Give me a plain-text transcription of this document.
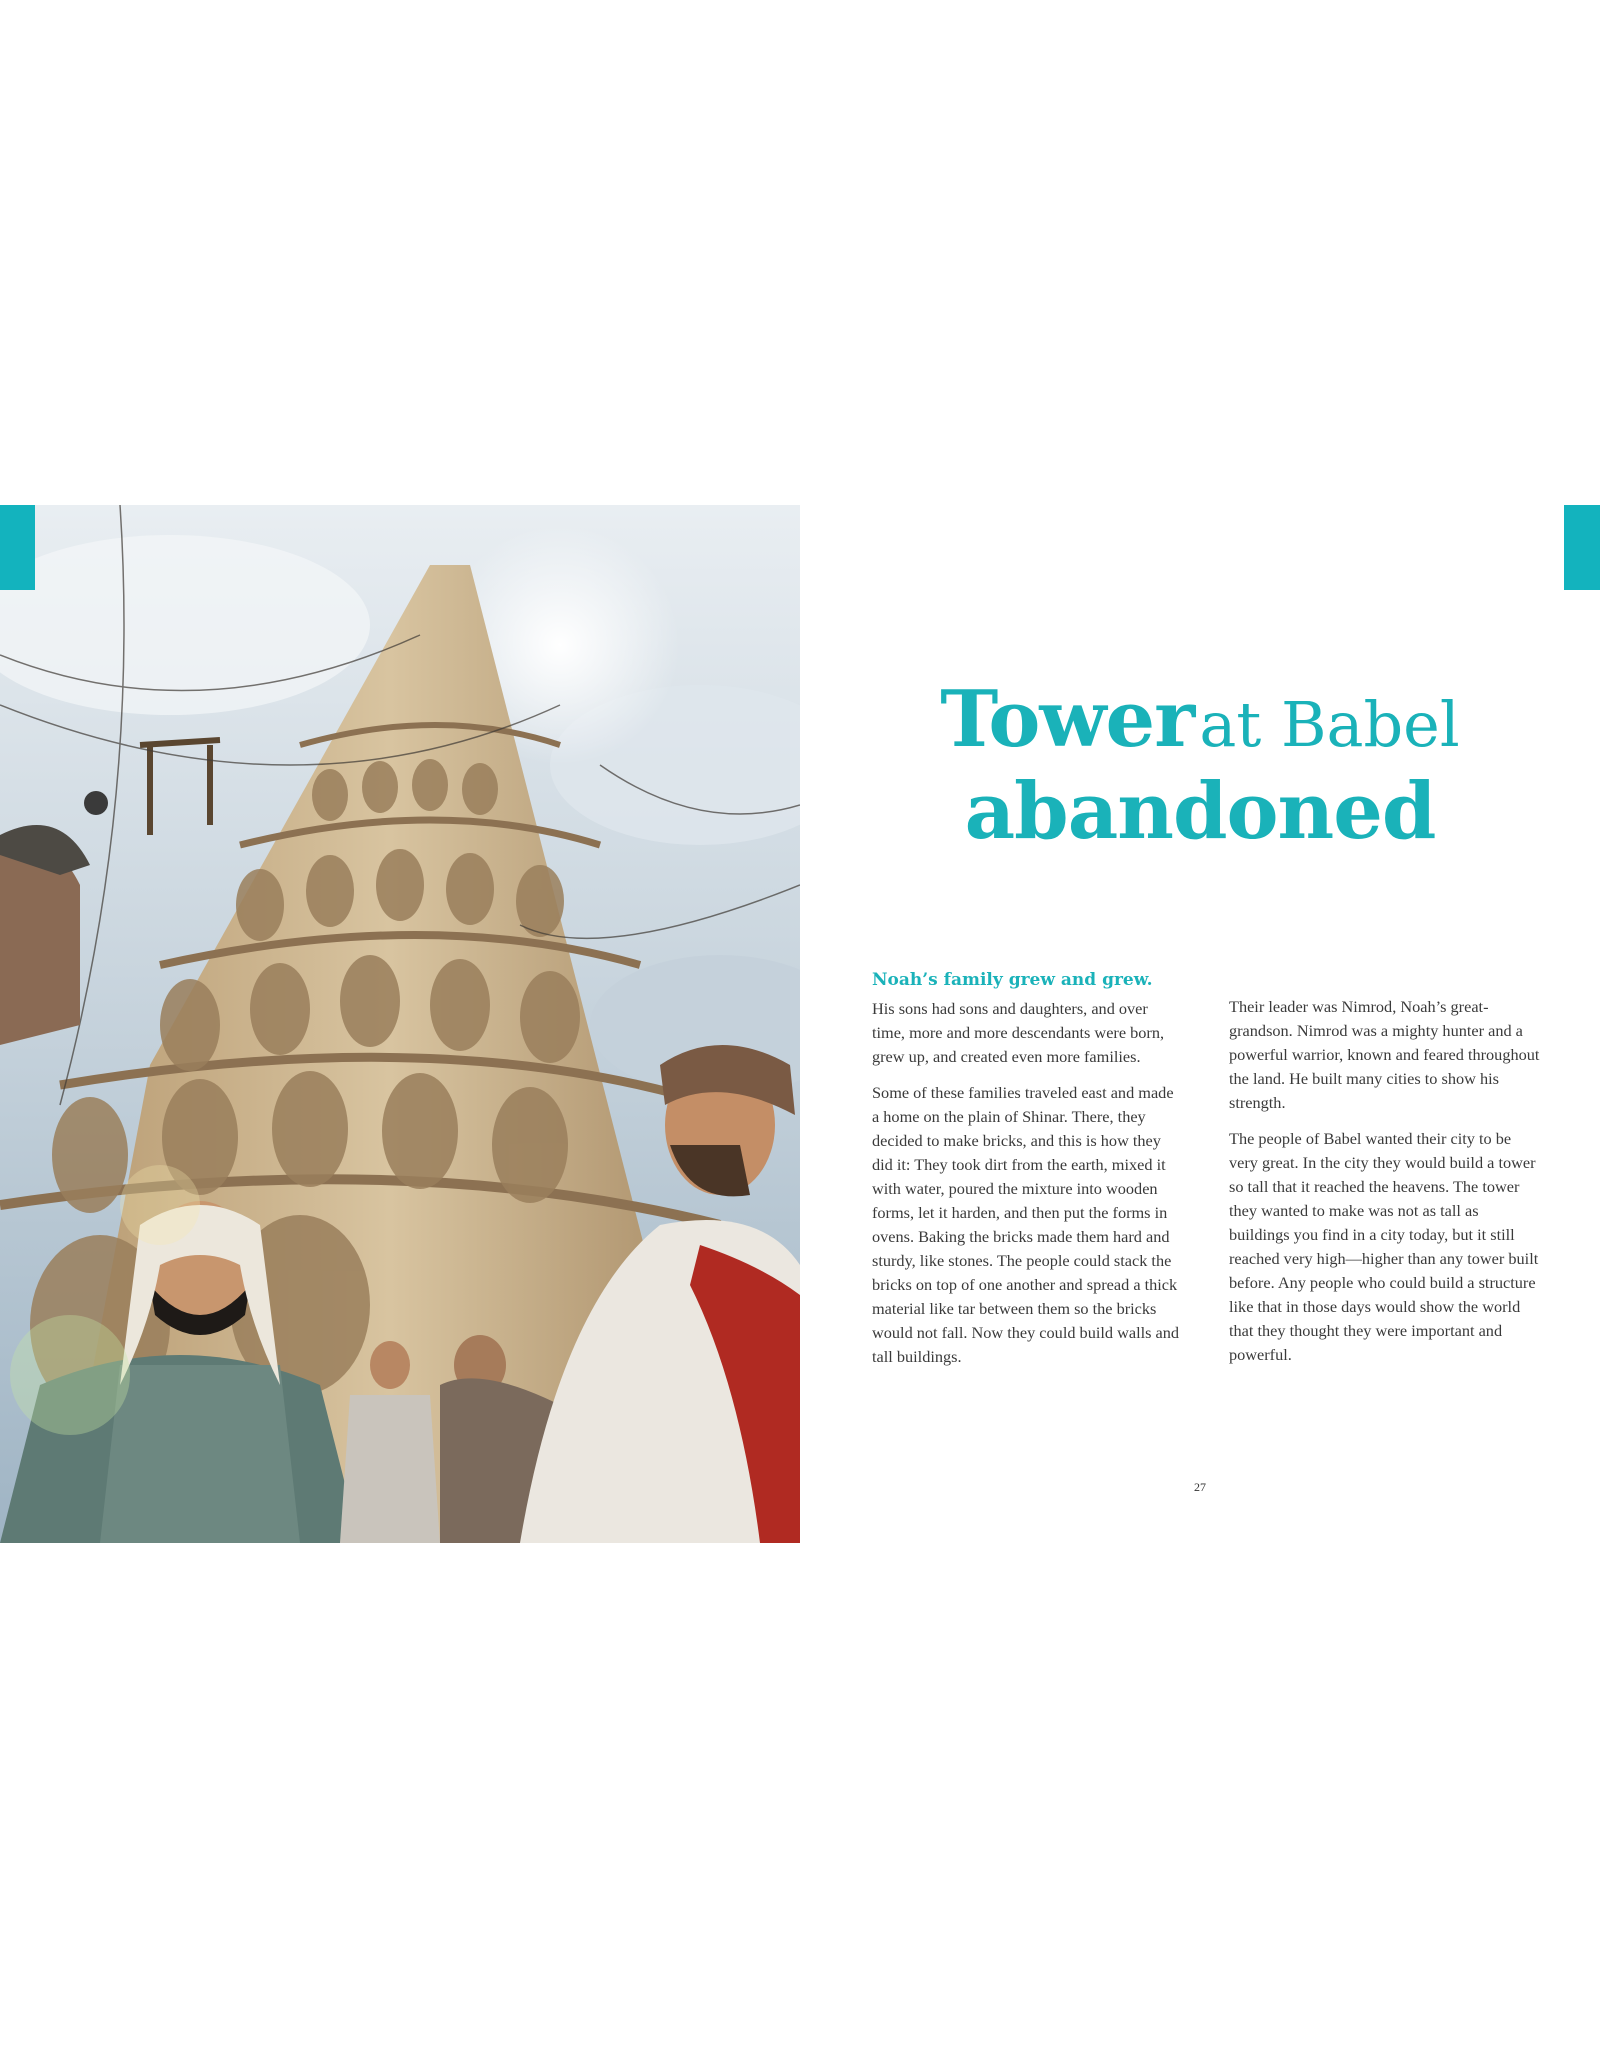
Tower at Babel
abandoned
Noah’s family grew and grew.

His sons had sons and daughters, and over time, more and more descendants were born, grew up, and created even more families.

Some of these families traveled east and made a home on the plain of Shinar. There, they decided to make bricks, and this is how they did it: They took dirt from the earth, mixed it with water, poured the mixture into wooden forms, let it harden, and then put the forms in ovens. Baking the bricks made them hard and sturdy, like stones. The people could stack the bricks on top of one another and spread a thick material like tar between them so the bricks would not fall. Now they could build walls and tall buildings.

Their leader was Nimrod, Noah’s great-grandson. Nimrod was a mighty hunter and a powerful warrior, known and feared throughout the land. He built many cities to show his strength.

The people of Babel wanted their city to be very great. In the city they would build a tower so tall that it reached the heavens. The tower they wanted to make was not as tall as buildings you find in a city today, but it still reached very high—higher than any tower built before. Any people who could build a structure like that in those days would show the world that they thought they were important and powerful.

27
